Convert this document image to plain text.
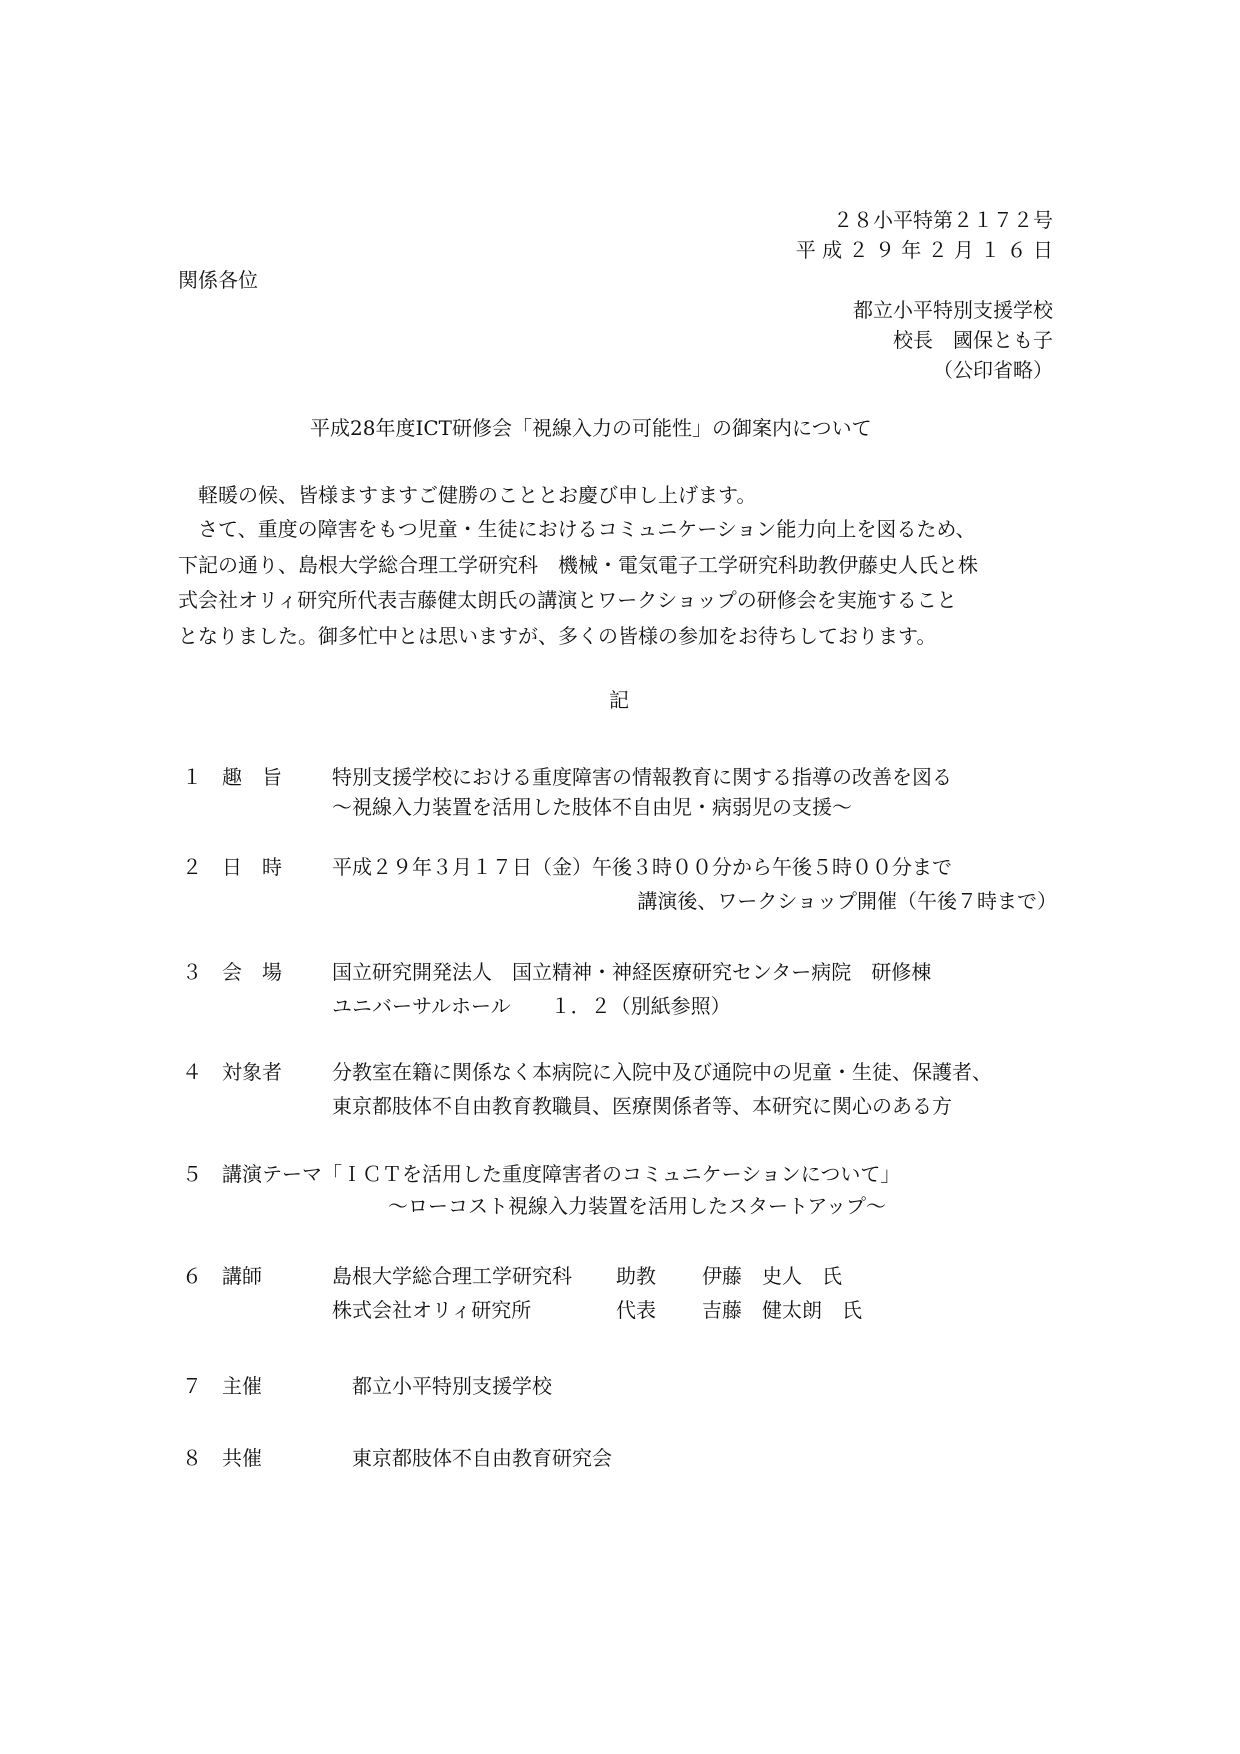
２８小平特第２１７２号
平 成 ２ ９ 年 ２ 月 １ ６ 日
関係各位
都立小平特別支援学校
校長　國保とも子
（公印省略）
平成28年度ICT研修会「視線入力の可能性」の御案内について
軽暖の候、皆様ますますご健勝のこととお慶び申し上げます。
さて、重度の障害をもつ児童・生徒におけるコミュニケーション能力向上を図るため、
下記の通り、島根大学総合理工学研究科　機械・電気電子工学研究科助教伊藤史人氏と株
式会社オリィ研究所代表吉藤健太朗氏の講演とワークショップの研修会を実施すること
となりました。御多忙中とは思いますが、多くの皆様の参加をお待ちしております。
記
１ 趣　旨	特別支援学校における重度障害の情報教育に関する指導の改善を図る
～視線入力装置を活用した肢体不自由児・病弱児の支援～
２ 日　時	平成２９年３月１７日（金）午後３時００分から午後５時００分まで
講演後、ワークショップ開催（午後７時まで）
３ 会　場	国立研究開発法人　国立精神・神経医療研究センター病院　研修棟
ユニバーサルホール　　１．２（別紙参照）
４ 対象者	分教室在籍に関係なく本病院に入院中及び通院中の児童・生徒、保護者、
東京都肢体不自由教育教職員、医療関係者等、本研究に関心のある方
５ 講演テーマ 「ＩＣＴを活用した重度障害者のコミュニケーションについて」
～ローコスト視線入力装置を活用したスタートアップ～
６ 講師	島根大学総合理工学研究科 助教 伊藤　史人　氏
株式会社オリィ研究所	代表 吉藤　健太朗　氏
７ 主催	都立小平特別支援学校
８ 共催	東京都肢体不自由教育研究会
